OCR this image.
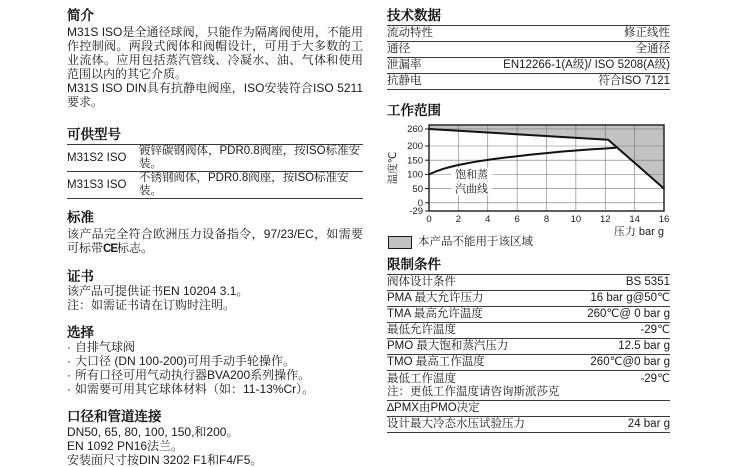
简介

M31S ISO是全通径球阀，只能作为隔离阀使用，不能用作控制阀。两段式阀体和阀帽设计，可用于大多数的工业流体。应用包括蒸汽管线、冷凝水、油、气体和使用范围以内的其它介质。

M31S ISO DIN具有抗静电阀座，ISO安装符合ISO 5211要求。

可供型号
M31S2 ISO
镀锌碳钢阀体，PDR0.8阀座，按ISO标准安装。
M31S3 ISO
不锈钢阀体，PDR0.8阀座，按ISO标准安装。
标准

该产品完全符合欧洲压力设备指令，97/23/EC，如需要可标带CE标志。

证书

该产品可提供证书EN 10204 3.1。

注：如需证书请在订购时注明。

选择
· 自排气球阀
· 大口径 (DN 100-200)可用手动手轮操作。
· 所有口径可用气动执行器BVA200系列操作。
· 如需要可用其它球体材料（如：11-13%Cr）。
口径和管道连接

DN50, 65, 80, 100, 150,和200。

EN 1092 PN16法兰。

安装面尺寸按DIN 3202 F1和F4/F5。

技术数据
流动特性	修正线性
通径	全通径
泄漏率	EN12266-1(A级)/ ISO 5208(A级)
抗静电	符合ISO 7121
工作范围
260
200
150
100
50
0
-29
0	2	4	6	8 10 12 14 16
压力 bar g
温度℃	饱和蒸
汽曲线
本产品不能用于该区域
限制条件
阀体设计条件	BS 5351
PMA 最大允许压力	16 bar g@50℃
TMA 最高允许温度	260℃@ 0 bar g
最低允许温度	-29℃
PMO 最大饱和蒸汽压力	12.5 bar g
TMO 最高工作温度	260℃@0 bar g
最低工作温度	-29℃
注：更低工作温度请咨询斯派莎克
∆PMX由PMO决定
设计最大冷态水压试验压力	24 bar g
